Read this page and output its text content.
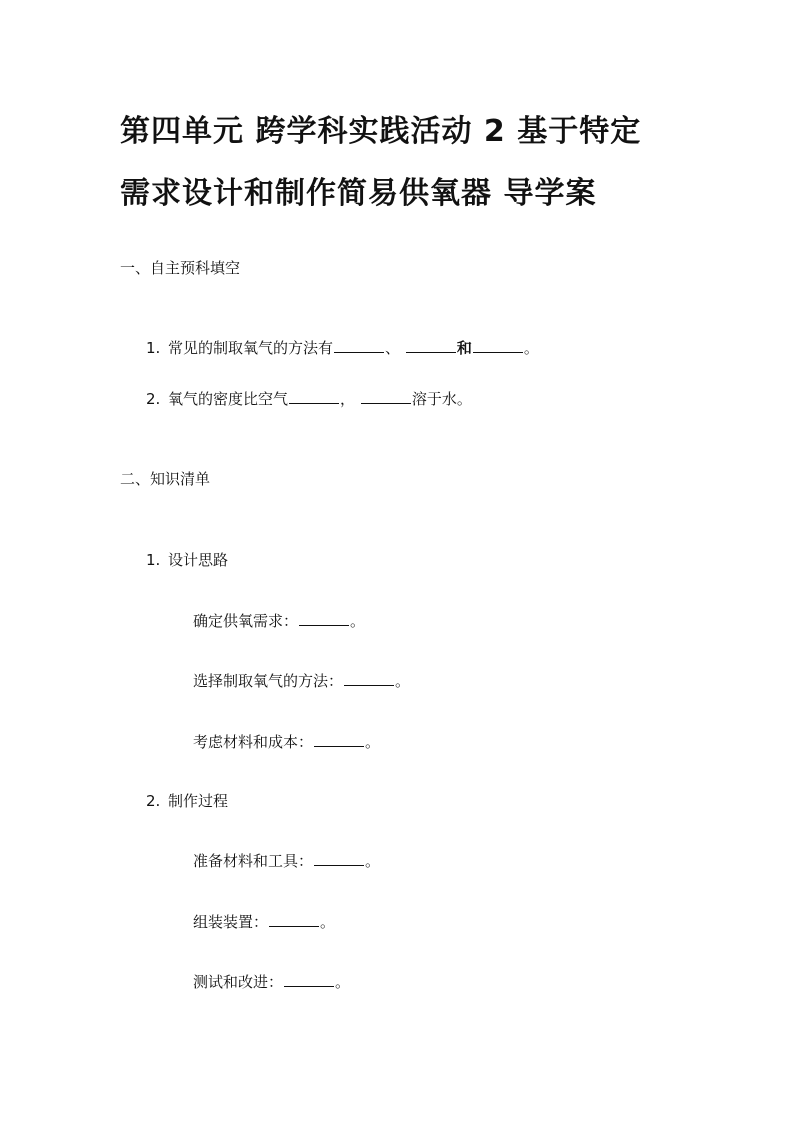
第四单元 跨学科实践活动 2 基于特定
需求设计和制作简易供氧器 导学案
一、自主预科填空
1. 常见的制取氧气的方法有	、	和	。
2. 氧气的密度比空气	，	溶于水。
二、知识清单
1. 设计思路
确定供氧需求：	。
选择制取氧气的方法：	。
考虑材料和成本：	。
2. 制作过程
准备材料和工具：	。
组装装置：	。
测试和改进：	。
